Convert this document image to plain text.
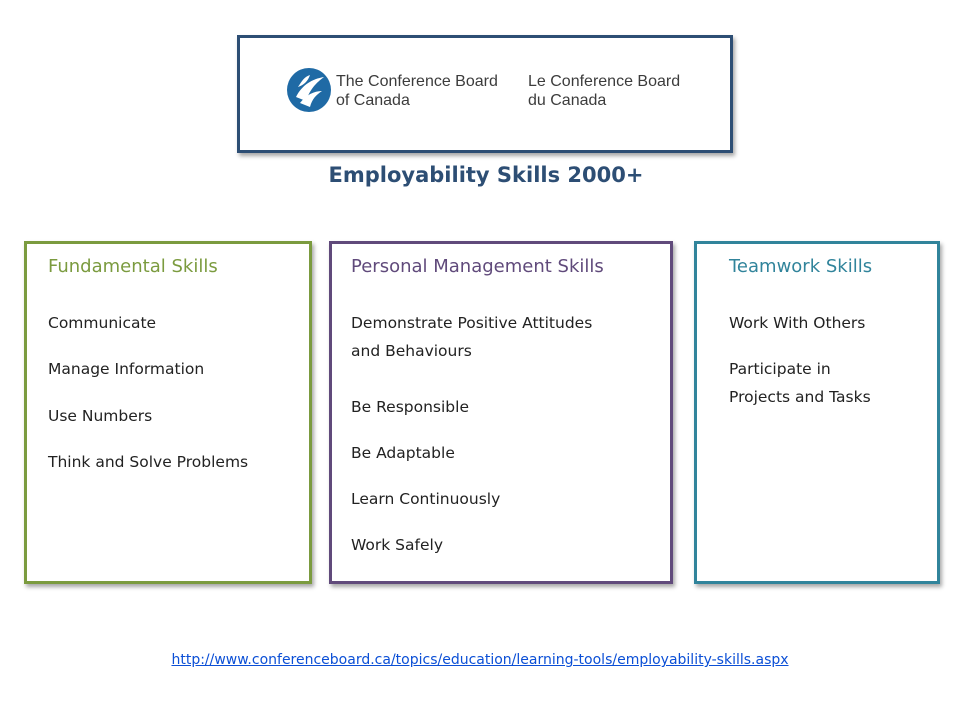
The Conference Board
of Canada
Le Conference Board
du Canada
Employability Skills 2000+
Fundamental Skills
Communicate
Manage Information
Use Numbers
Think and Solve Problems
Personal Management Skills
Demonstrate Positive Attitudes
and Behaviours
Be Responsible
Be Adaptable
Learn Continuously
Work Safely
Teamwork Skills
Work With Others
Participate in
Projects and Tasks
http://www.conferenceboard.ca/topics/education/learning-tools/employability-skills.aspx
